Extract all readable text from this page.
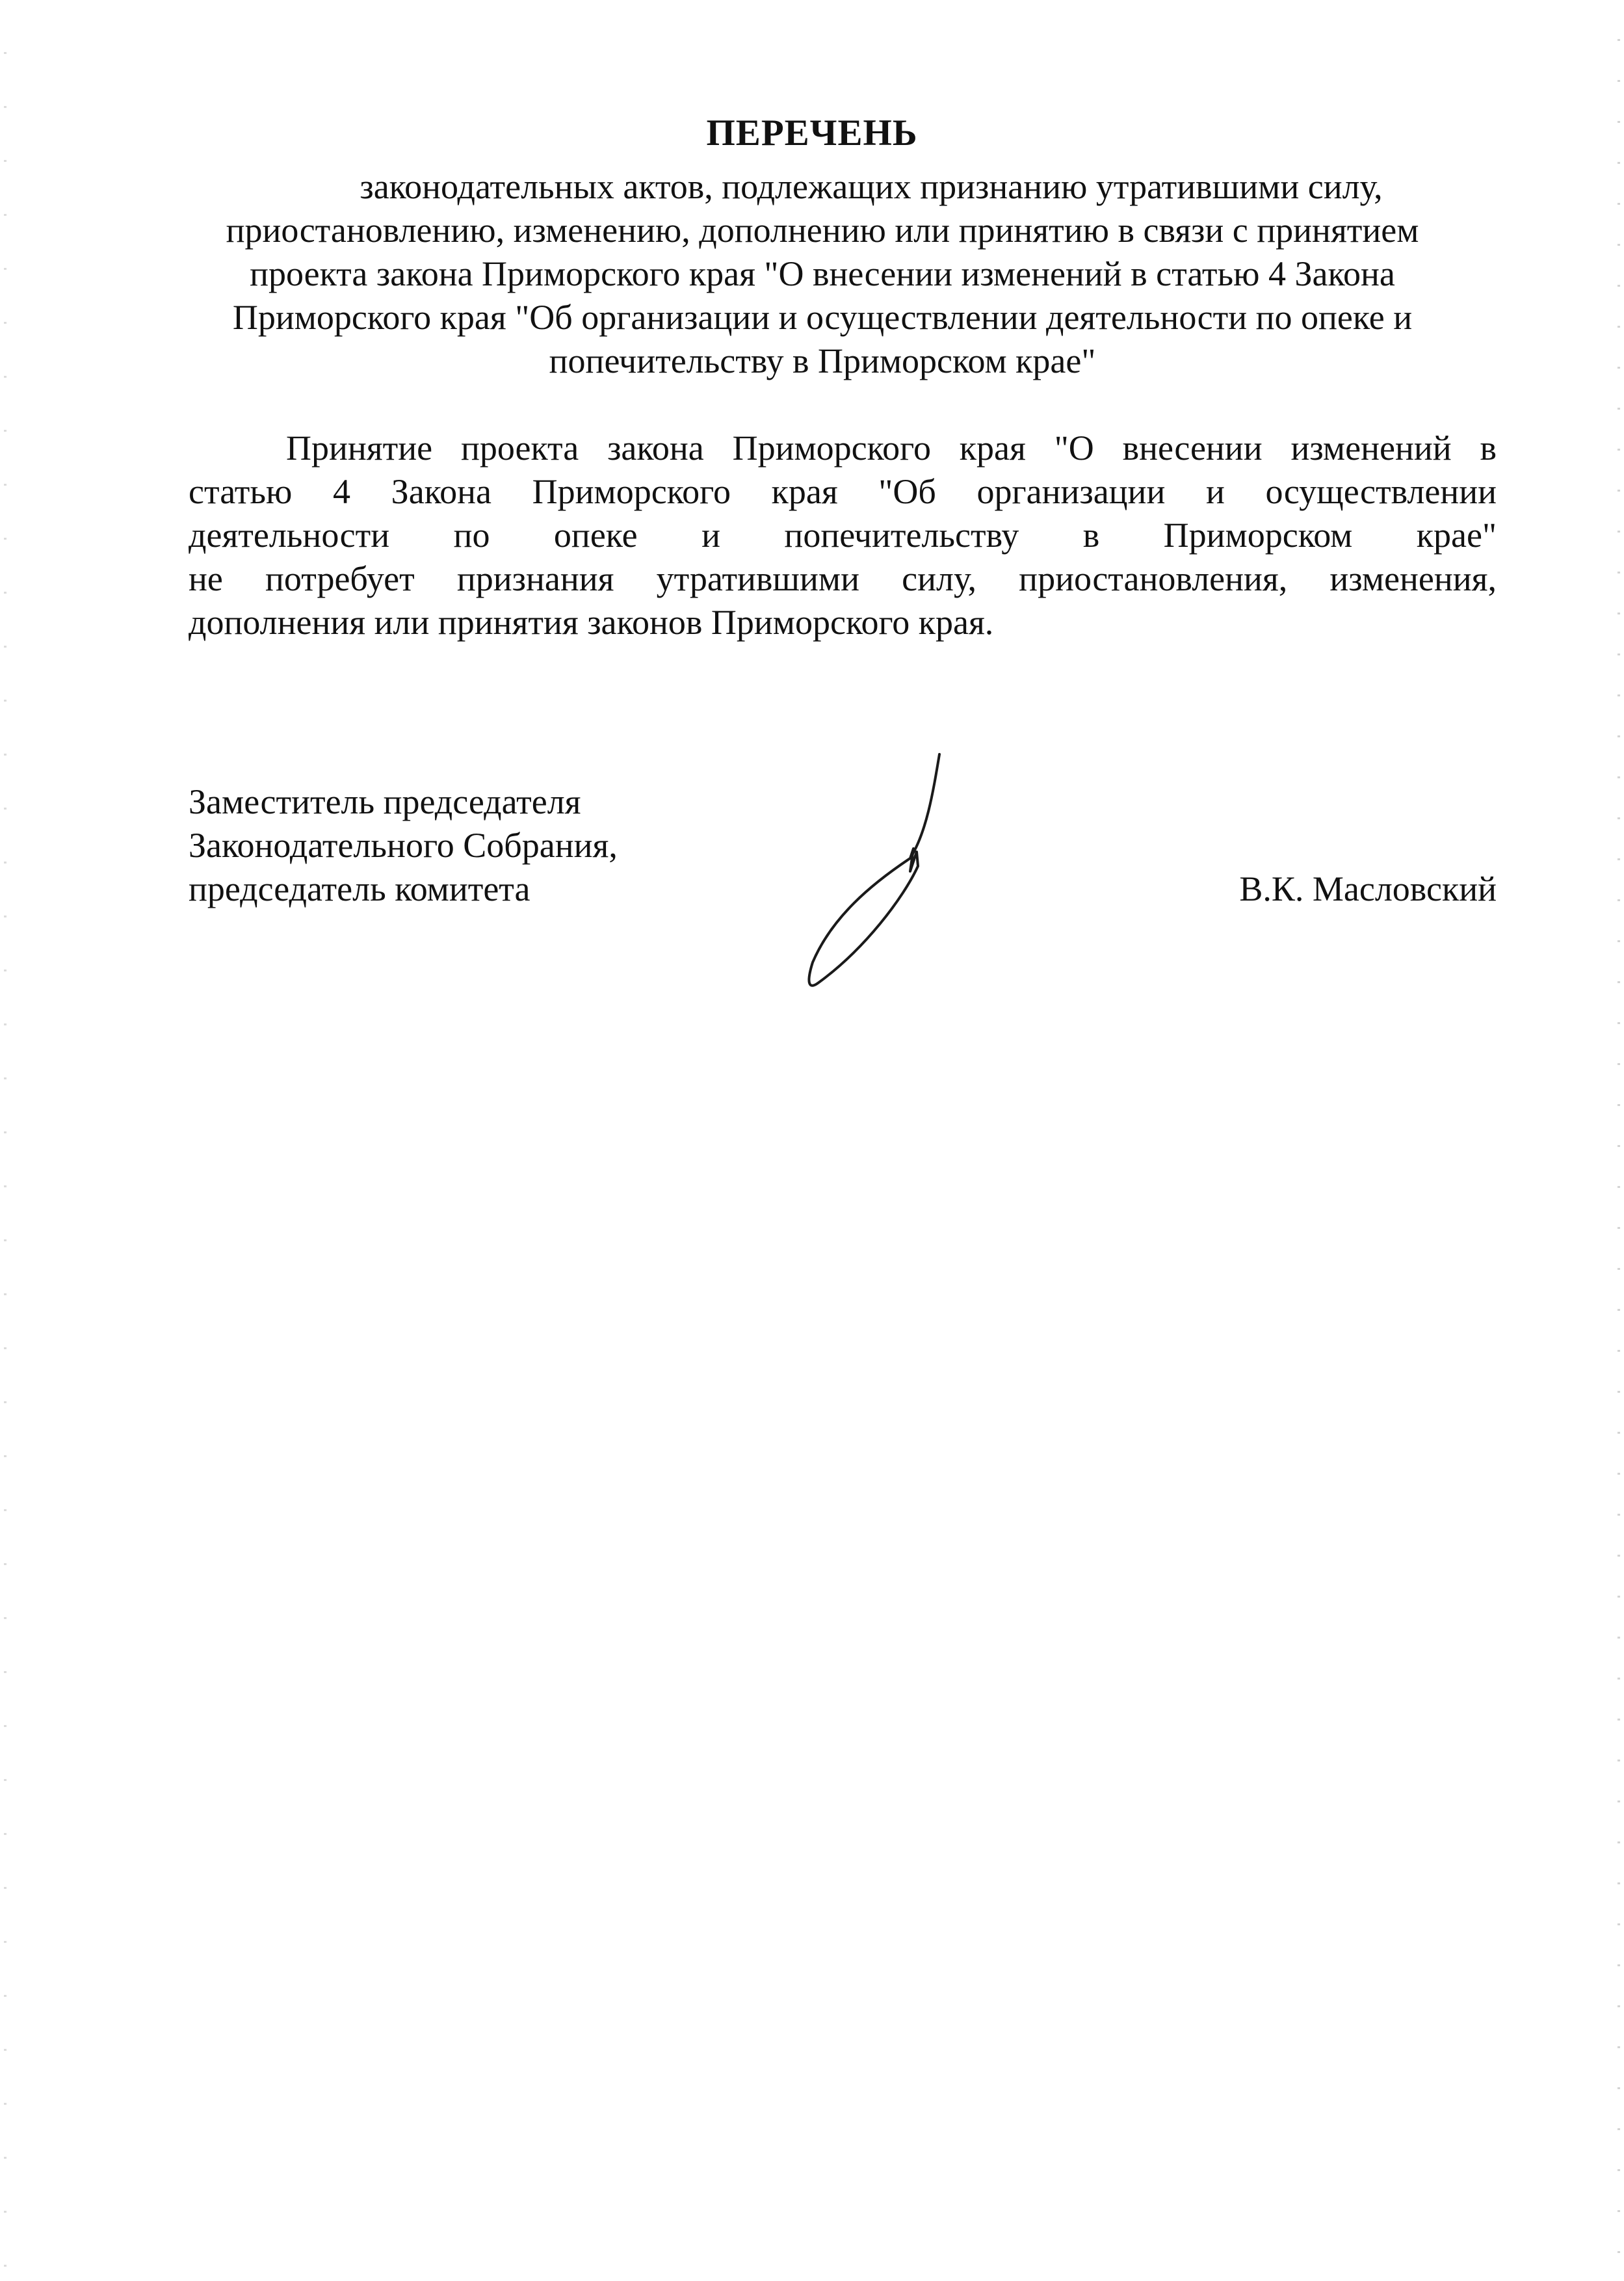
ПЕРЕЧЕНЬ

законодательных актов, подлежащих признанию утратившими силу,
приостановлению, изменению, дополнению или принятию в связи с принятием
проекта закона Приморского края "О внесении изменений в статью 4 Закона
Приморского края "Об организации и осуществлении деятельности по опеке и
попечительству в Приморском крае"

Принятие проекта закона Приморского края "О внесении изменений в
статью 4 Закона Приморского края "Об организации и осуществлении
деятельности по опеке и попечительству в Приморском крае"
не потребует признания утратившими силу, приостановления, изменения,
дополнения или принятия законов Приморского края.

Заместитель председателя
Законодательного Собрания,
председатель комитета	В.К. Масловский
